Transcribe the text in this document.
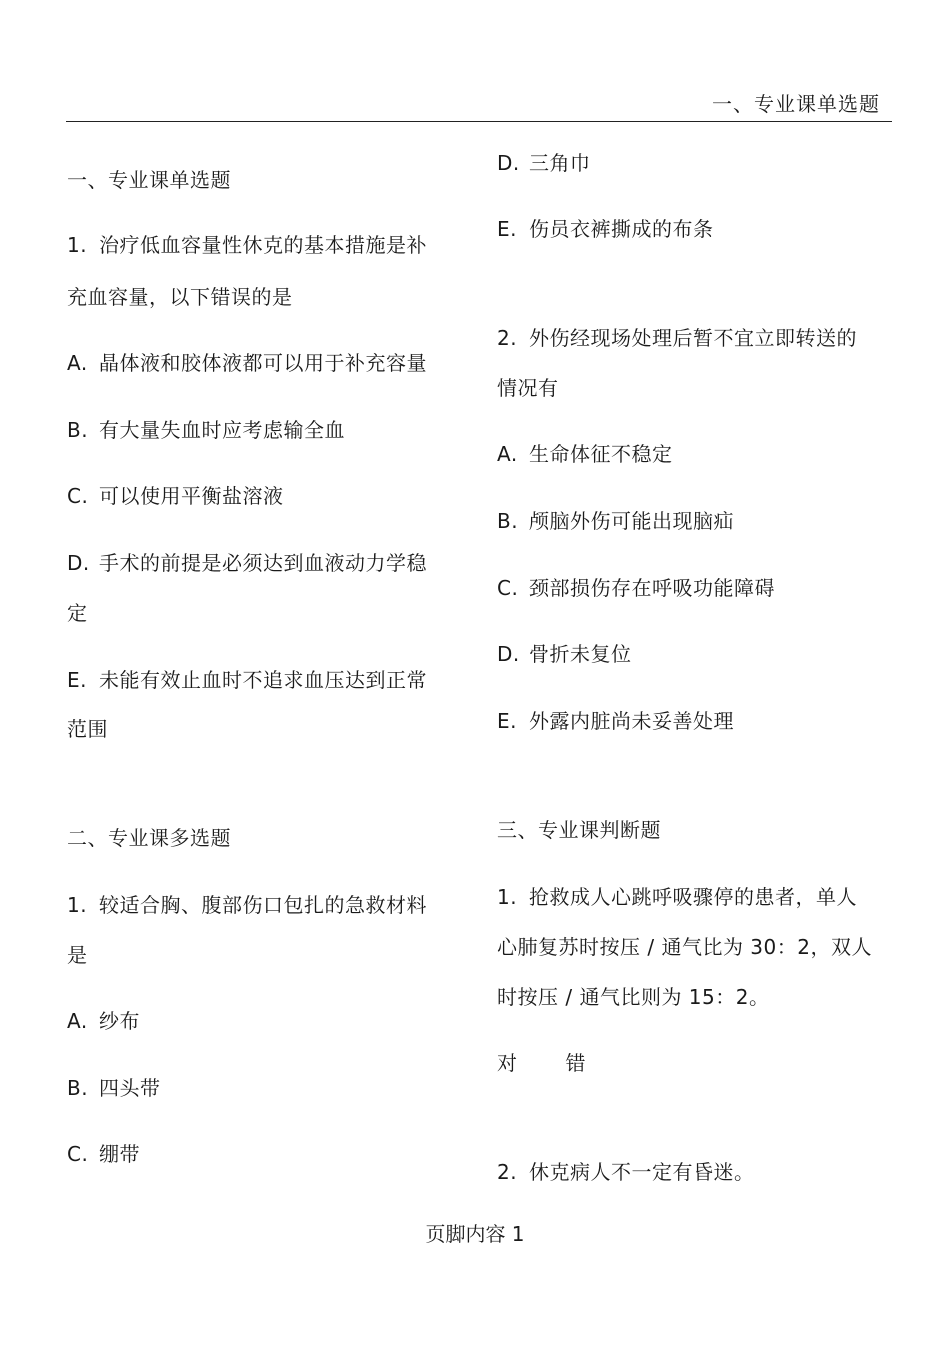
一、专业课单选题
一、专业课单选题
1. 治疗低血容量性休克的基本措施是补
充血容量，以下错误的是
A. 晶体液和胶体液都可以用于补充容量
B. 有大量失血时应考虑输全血
C. 可以使用平衡盐溶液
D. 手术的前提是必须达到血液动力学稳
定
E. 未能有效止血时不追求血压达到正常
范围
二、专业课多选题
1. 较适合胸、腹部伤口包扎的急救材料
是
A. 纱布
B. 四头带
C. 绷带
D. 三角巾
E. 伤员衣裤撕成的布条
2. 外伤经现场处理后暂不宜立即转送的
情况有
A. 生命体征不稳定
B. 颅脑外伤可能出现脑疝
C. 颈部损伤存在呼吸功能障碍
D. 骨折未复位
E. 外露内脏尚未妥善处理
三、专业课判断题
1. 抢救成人心跳呼吸骤停的患者，单人
心肺复苏时按压 / 通气比为 30：2，双人
时按压 / 通气比则为 15：2。
对 错
2. 休克病人不一定有昏迷。
页脚内容 1
